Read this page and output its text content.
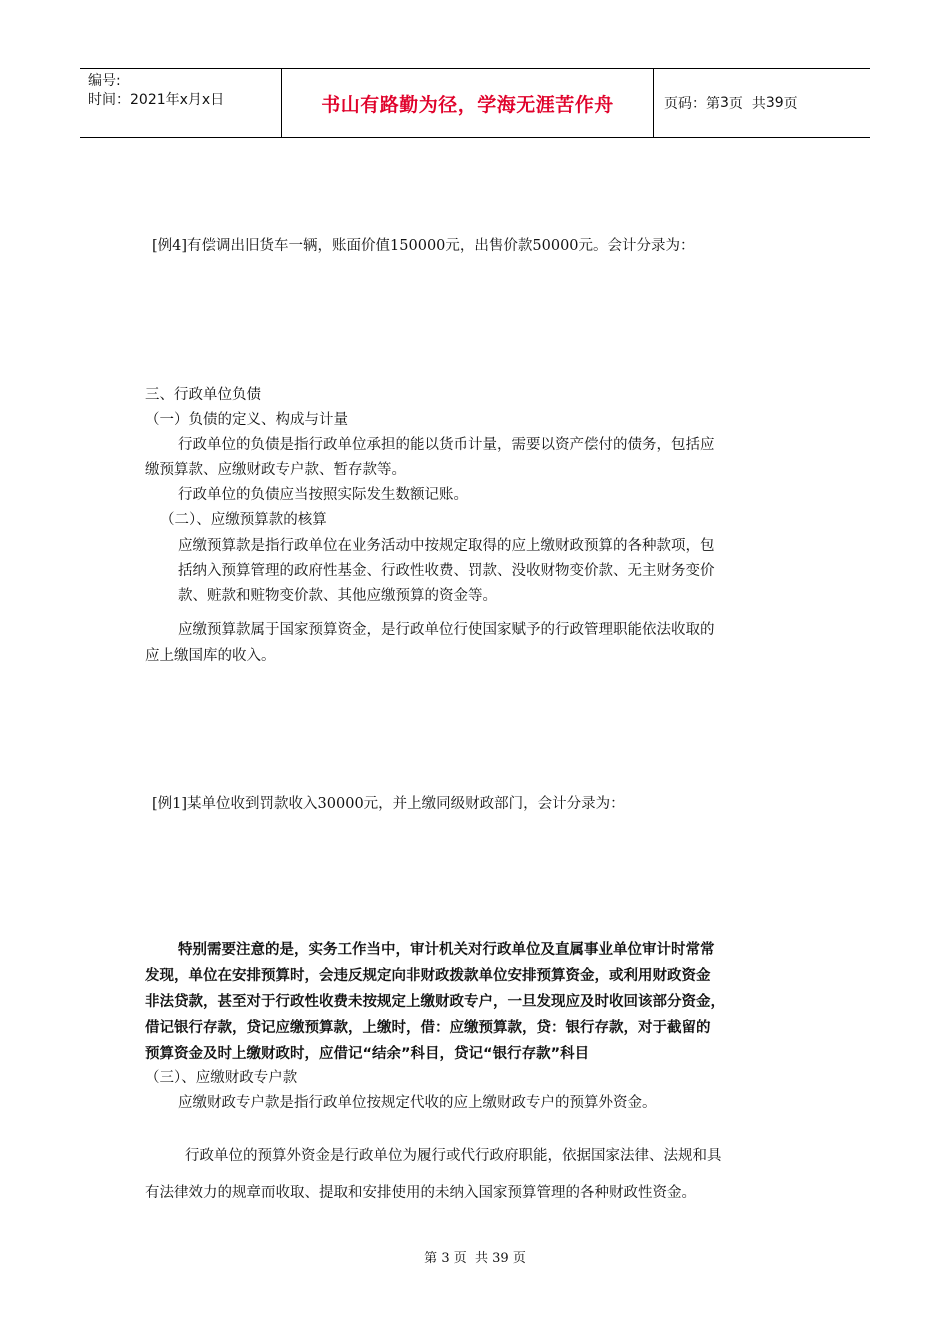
编号:
时间：2021年x月x日	书山有路勤为径，学海无涯苦作舟	页码：第 3 页  共 39 页
[例4]有偿调出旧货车一辆，账面价值150000元，出售价款50000元。会计分录为：
三、行政单位负债
（一）负债的定义、构成与计量
行政单位的负债是指行政单位承担的能以货币计量，需要以资产偿付的债务，包括应
缴预算款、应缴财政专户款、暂存款等。
行政单位的负债应当按照实际发生数额记账。
（二）、应缴预算款的核算
应缴预算款是指行政单位在业务活动中按规定取得的应上缴财政预算的各种款项，包
括纳入预算管理的政府性基金、行政性收费、罚款、没收财物变价款、无主财务变价
款、赃款和赃物变价款、其他应缴预算的资金等。
应缴预算款属于国家预算资金，是行政单位行使国家赋予的行政管理职能依法收取的
应上缴国库的收入。
[例1]某单位收到罚款收入30000元，并上缴同级财政部门，会计分录为：
特别需要注意的是，实务工作当中，审计机关对行政单位及直属事业单位审计时常常
发现，单位在安排预算时，会违反规定向非财政拨款单位安排预算资金，或利用财政资金
非法贷款，甚至对于行政性收费未按规定上缴财政专户，一旦发现应及时收回该部分资金，
借记银行存款，贷记应缴预算款，上缴时，借：应缴预算款，贷：银行存款，对于截留的
预算资金及时上缴财政时，应借记“结余”科目，贷记“银行存款”科目
（三）、应缴财政专户款
应缴财政专户款是指行政单位按规定代收的应上缴财政专户的预算外资金。
行政单位的预算外资金是行政单位为履行或代行政府职能，依据国家法律、法规和具
有法律效力的规章而收取、提取和安排使用的未纳入国家预算管理的各种财政性资金。
第 3 页  共 39 页
